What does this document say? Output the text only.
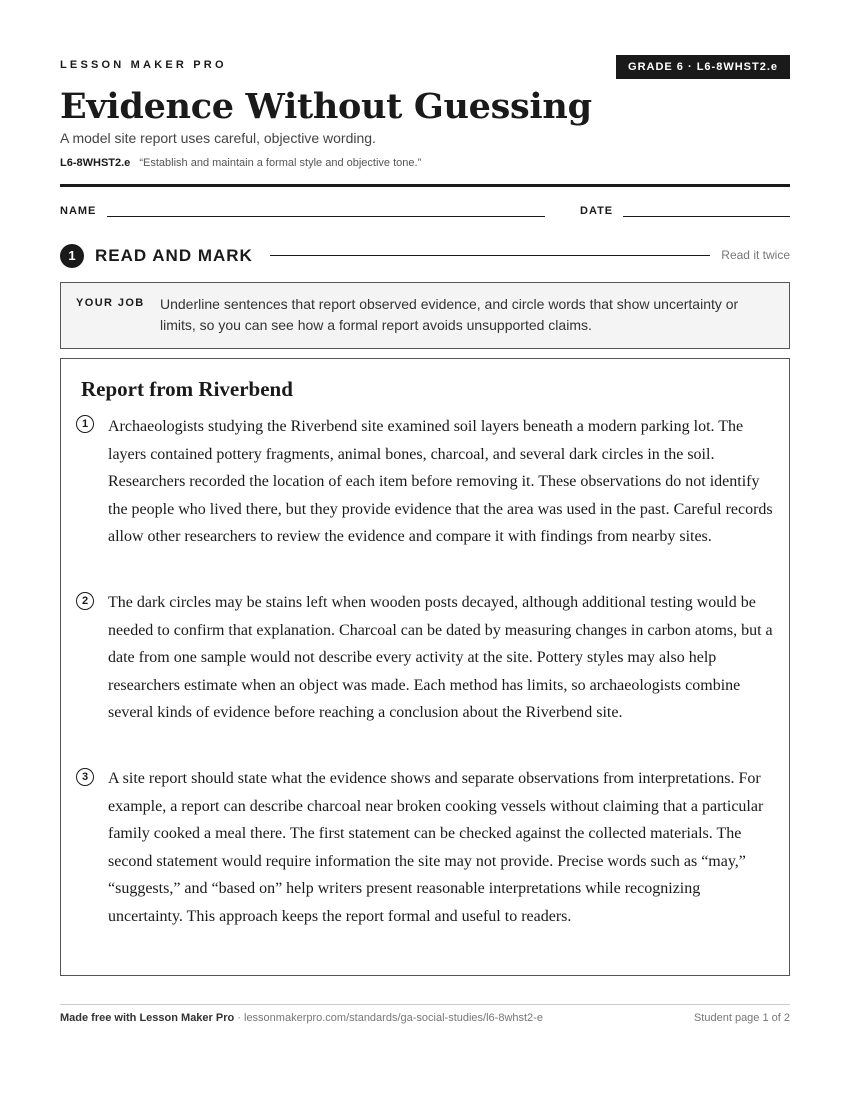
LESSON MAKER PRO	GRADE 6 · L6-8WHST2.e
Evidence Without Guessing
A model site report uses careful, objective wording.
L6-8WHST2.e “Establish and maintain a formal style and objective tone.”
NAME	DATE
1	READ AND MARK	Read it twice
YOUR JOB Underline sentences that report observed evidence, and circle words that show uncertainty or limits, so you can see how a formal report avoids unsupported claims.
Report from Riverbend
1	Archaeologists studying the Riverbend site examined soil layers beneath a modern parking lot. The layers contained pottery fragments, animal bones, charcoal, and several dark circles in the soil. Researchers recorded the location of each item before removing it. These observations do not identify the people who lived there, but they provide evidence that the area was used in the past. Careful records allow other researchers to review the evidence and compare it with findings from nearby sites.

2	The dark circles may be stains left when wooden posts decayed, although additional testing would be needed to confirm that explanation. Charcoal can be dated by measuring changes in carbon atoms, but a date from one sample would not describe every activity at the site. Pottery styles may also help researchers estimate when an object was made. Each method has limits, so archaeologists combine several kinds of evidence before reaching a conclusion about the Riverbend site.

3	A site report should state what the evidence shows and separate observations from interpretations. For example, a report can describe charcoal near broken cooking vessels without claiming that a particular family cooked a meal there. The first statement can be checked against the collected materials. The second statement would require information the site may not provide. Precise words such as “may,” “suggests,” and “based on” help writers present reasonable interpretations while recognizing uncertainty. This approach keeps the report formal and useful to readers.

Made free with Lesson Maker Pro · lessonmakerpro.com/standards/ga-social-studies/l6-8whst2-e	Student page 1 of 2
